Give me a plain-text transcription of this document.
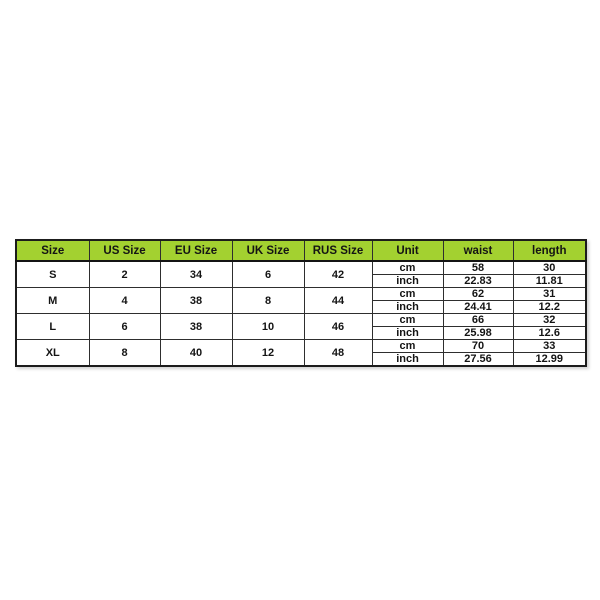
Size	US Size	EU Size	UK Size	RUS Size	Unit	waist	length
S	2	34	6	42	cm	58	30
					inch	22.83	11.81
M	4	38	8	44	cm	62	31
					inch	24.41	12.2
L	6	38	10	46	cm	66	32
					inch	25.98	12.6
XL	8	40	12	48	cm	70	33
					inch	27.56	12.99
